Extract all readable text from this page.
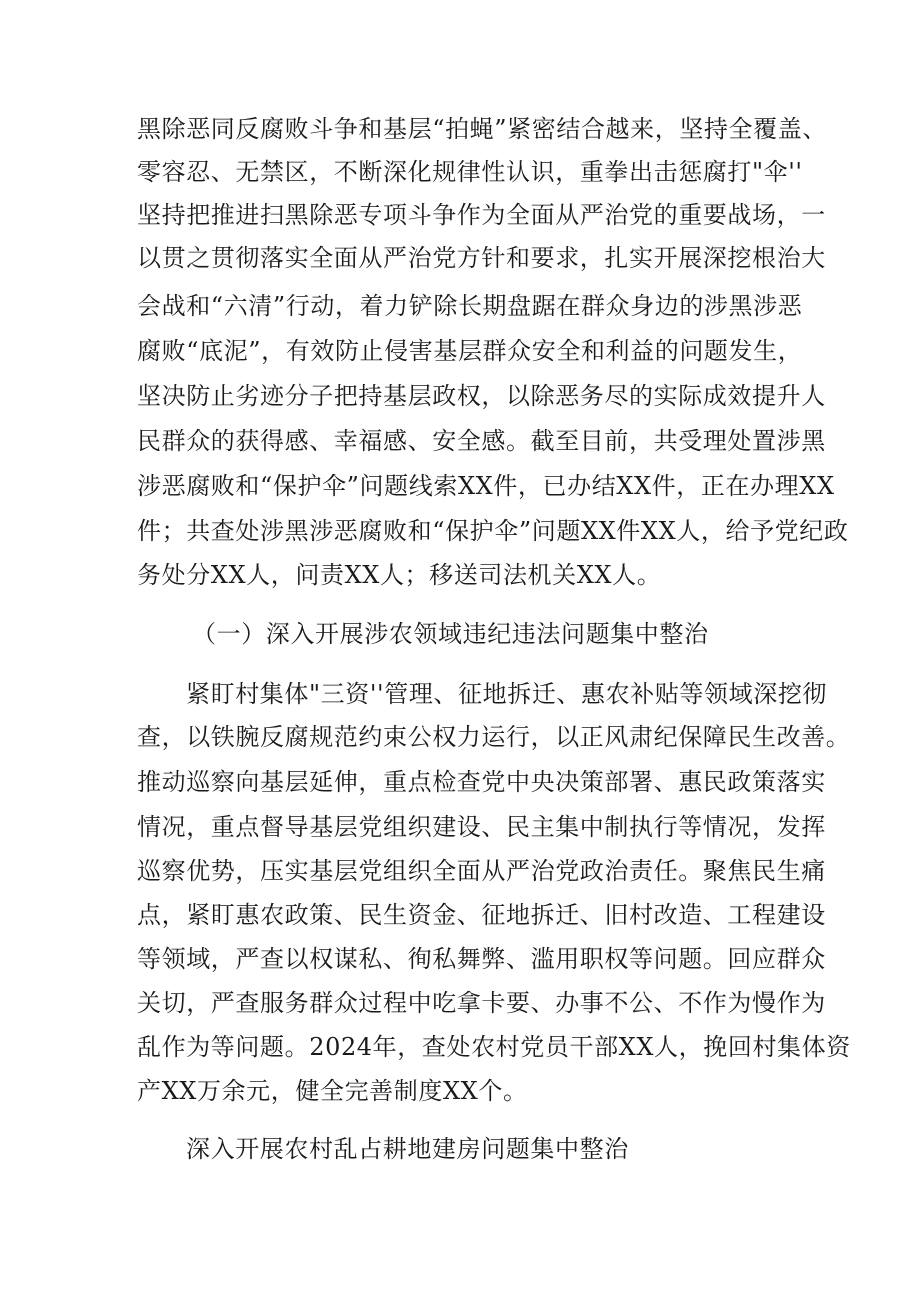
黑除恶同反腐败斗争和基层“拍蝇”紧密结合越来，坚持全覆盖、
零容忍、无禁区，不断深化规律性认识，重拳出击惩腐打"伞''
坚持把推进扫黑除恶专项斗争作为全面从严治党的重要战场，一
以贯之贯彻落实全面从严治党方针和要求，扎实开展深挖根治大
会战和“六清”行动，着力铲除长期盘踞在群众身边的涉黑涉恶
腐败“底泥”，有效防止侵害基层群众安全和利益的问题发生，
坚决防止劣迹分子把持基层政权，以除恶务尽的实际成效提升人
民群众的获得感、幸福感、安全感。截至目前，共受理处置涉黑
涉恶腐败和“保护伞”问题线索XX件，已办结XX件，正在办理XX
件；共查处涉黑涉恶腐败和“保护伞”问题XX件XX人，给予党纪政
务处分XX人，问责XX人；移送司法机关XX人。
（一）深入开展涉农领域违纪违法问题集中整治
紧盯村集体"三资''管理、征地拆迁、惠农补贴等领域深挖彻
查，以铁腕反腐规范约束公权力运行，以正风肃纪保障民生改善。
推动巡察向基层延伸，重点检查党中央决策部署、惠民政策落实
情况，重点督导基层党组织建设、民主集中制执行等情况，发挥
巡察优势，压实基层党组织全面从严治党政治责任。聚焦民生痛
点，紧盯惠农政策、民生资金、征地拆迁、旧村改造、工程建设
等领域，严查以权谋私、徇私舞弊、滥用职权等问题。回应群众
关切，严查服务群众过程中吃拿卡要、办事不公、不作为慢作为
乱作为等问题。2024年，查处农村党员干部XX人，挽回村集体资
产XX万余元，健全完善制度XX个。
深入开展农村乱占耕地建房问题集中整治
